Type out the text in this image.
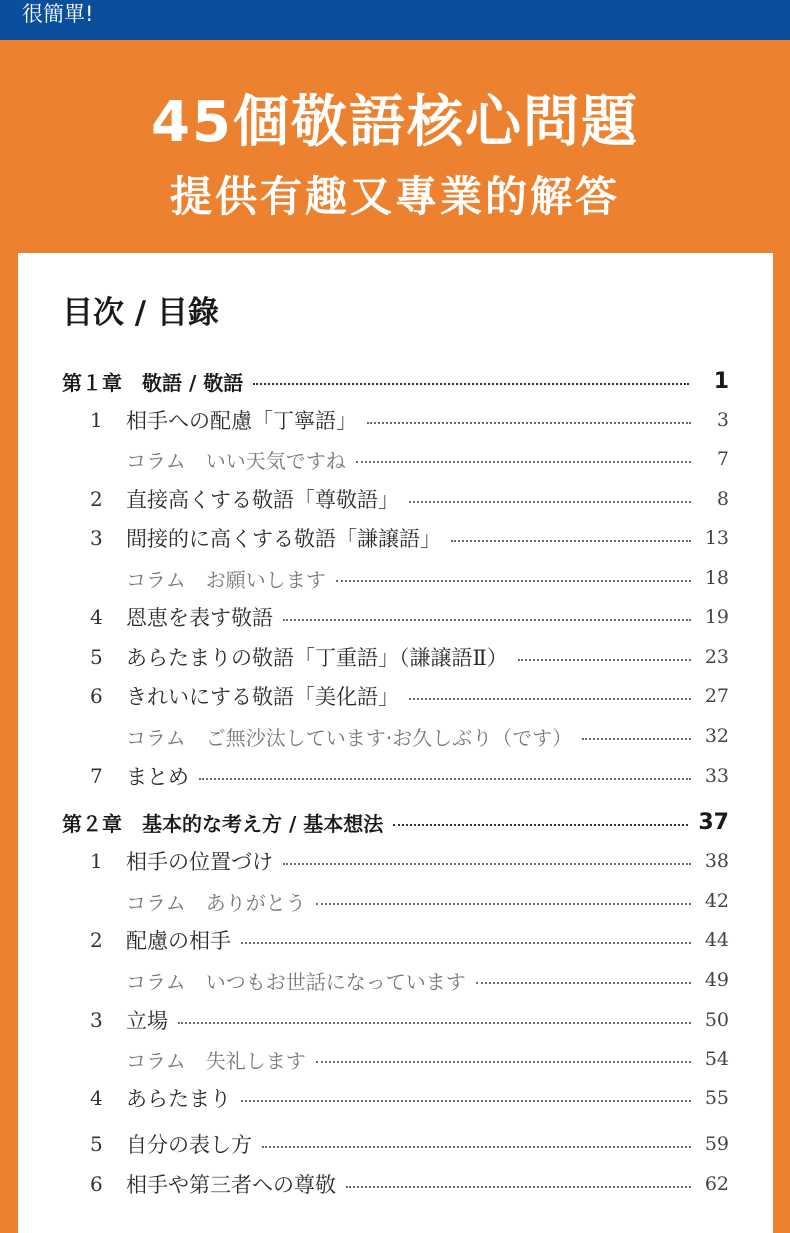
很簡單!
45個敬語核心問題
提供有趣又專業的解答
目次 / 目錄
第１章　敬語 / 敬語	1
1	相手への配慮「丁寧語」	3
コラム　いい天気ですね	7
2	直接高くする敬語「尊敬語」	8
3	間接的に高くする敬語「謙譲語」	13
コラム　お願いします	18
4	恩恵を表す敬語	19
5	あらたまりの敬語「丁重語」（謙譲語Ⅱ）	23
6	きれいにする敬語「美化語」	27
コラム　ご無沙汰しています·お久しぶり（です）	32
7	まとめ	33
第２章　基本的な考え方 / 基本想法	37
1	相手の位置づけ	38
コラム　ありがとう	42
2	配慮の相手	44
コラム　いつもお世話になっています	49
3	立場	50
コラム　失礼します	54
4	あらたまり	55
5	自分の表し方	59
6	相手や第三者への尊敬	62
